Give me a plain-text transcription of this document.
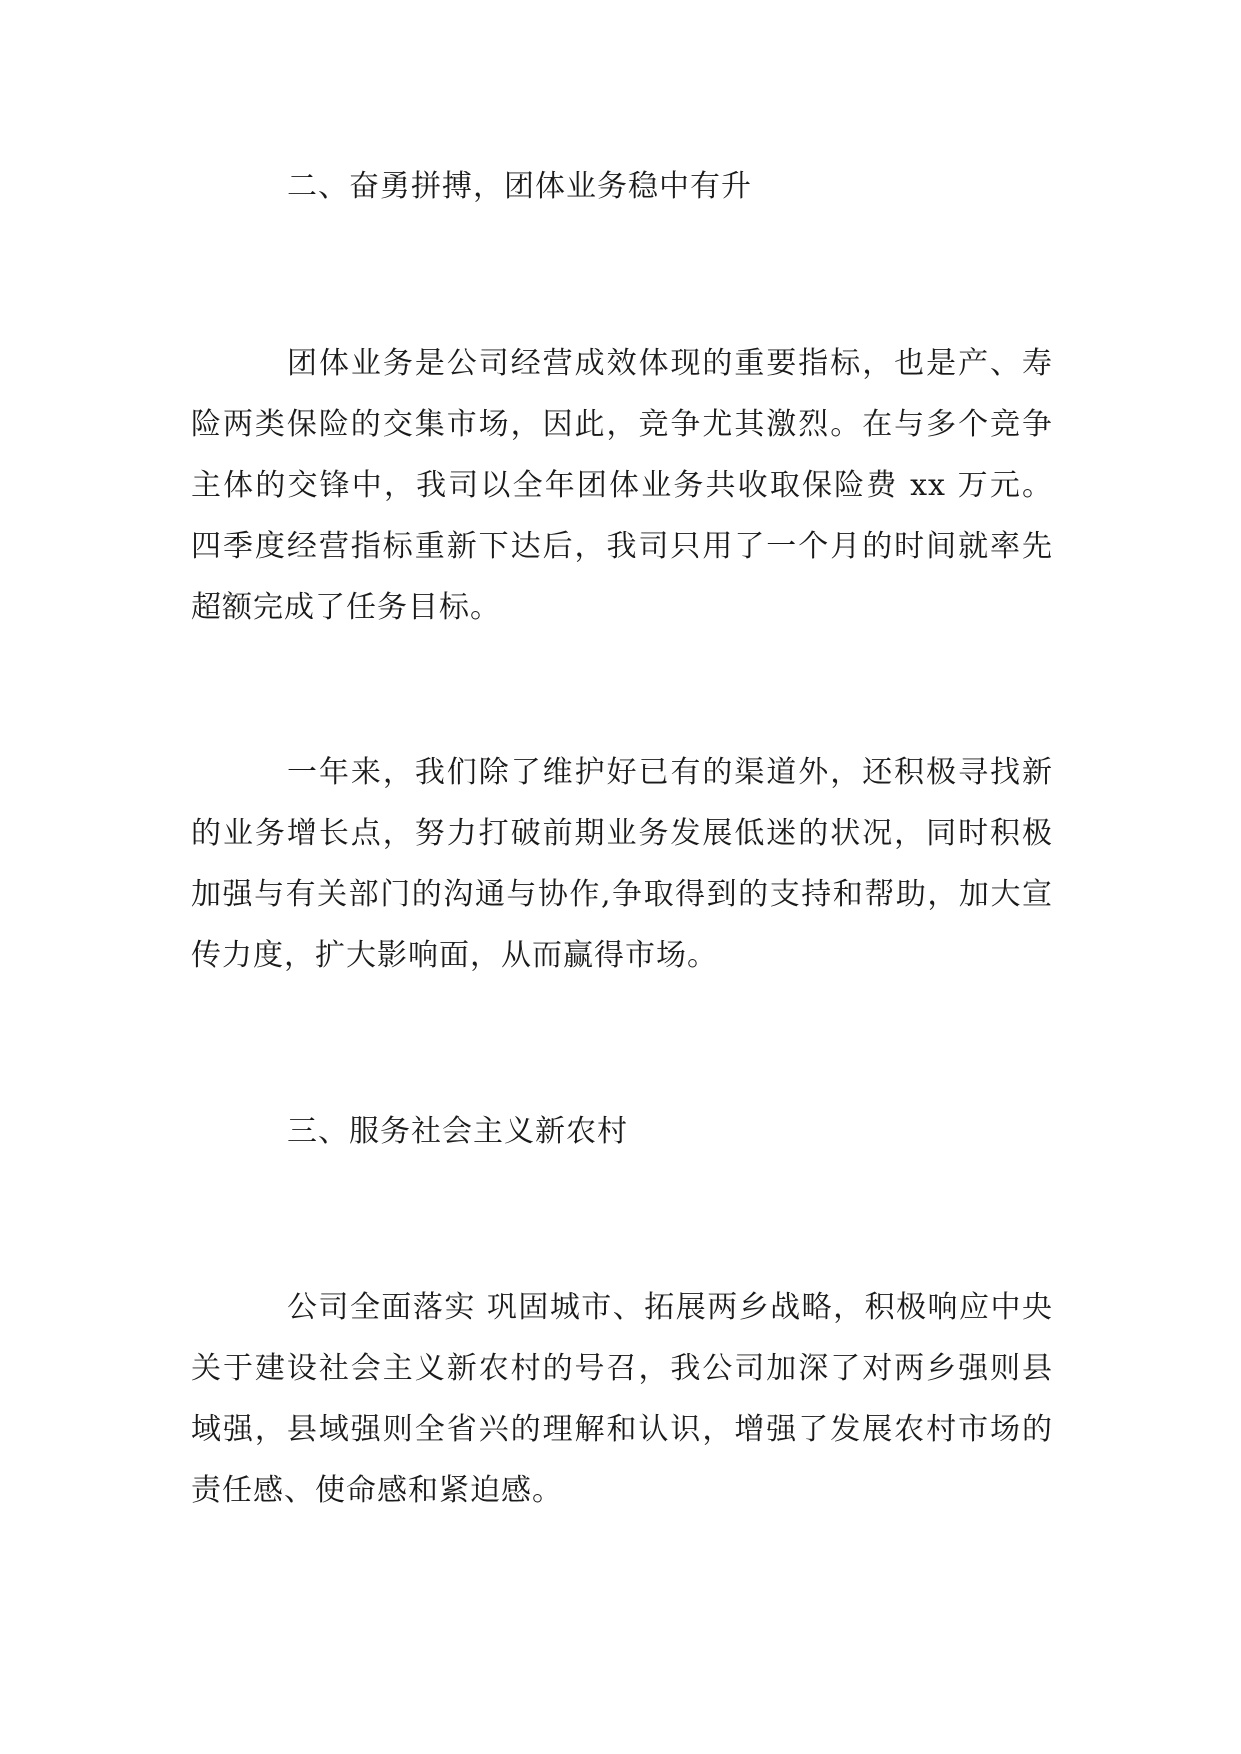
二、奋勇拼搏，团体业务稳中有升

团体业务是公司经营成效体现的重要指标，也是产、寿险两类保险的交集市场，因此，竞争尤其激烈。在与多个竞争主体的交锋中，我司以全年团体业务共收取保险费 xx 万元。四季度经营指标重新下达后，我司只用了一个月的时间就率先超额完成了任务目标。

一年来，我们除了维护好已有的渠道外，还积极寻找新的业务增长点，努力打破前期业务发展低迷的状况，同时积极加强与有关部门的沟通与协作,争取得到的支持和帮助，加大宣传力度，扩大影响面，从而赢得市场。

三、服务社会主义新农村

公司全面落实 巩固城市、拓展两乡战略，积极响应中央关于建设社会主义新农村的号召，我公司加深了对两乡强则县域强，县域强则全省兴的理解和认识，增强了发展农村市场的责任感、使命感和紧迫感。
